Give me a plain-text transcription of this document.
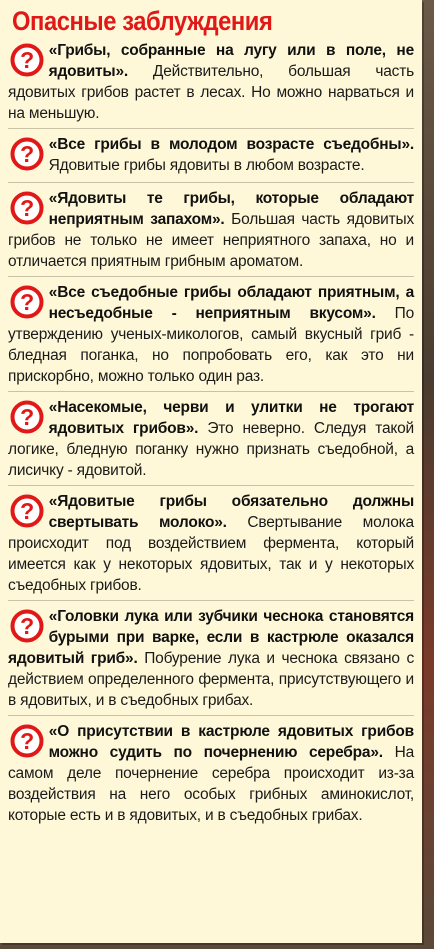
Опасные заблуждения
? «Грибы, собранные на лугу или в поле, не ядовиты». Действительно, большая часть ядовитых грибов растет в лесах. Но можно нарваться и на меньшую.
? «Все грибы в молодом возрасте съедобны». Ядовитые грибы ядовиты в любом возрасте.
? «Ядовиты те грибы, которые обладают неприятным запахом». Большая часть ядовитых грибов не только не имеет неприятного запаха, но и отличается приятным грибным ароматом.
? «Все съедобные грибы обладают приятным, а несъедобные - неприятным вкусом». По утверждению ученых-микологов, самый вкусный гриб - бледная поганка, но попробовать его, как это ни прискорбно, можно только один раз.
? «Насекомые, черви и улитки не трогают ядовитых грибов». Это неверно. Следуя такой логике, бледную поганку нужно признать съедобной, а лисичку - ядовитой.
? «Ядовитые грибы обязательно должны свертывать молоко». Свертывание молока происходит под воздействием фермента, который имеется как у некоторых ядовитых, так и у некоторых съедобных грибов.
? «Головки лука или зубчики чеснока становятся бурыми при варке, если в кастрюле оказался ядовитый гриб». Побурение лука и чеснока связано с действием определенного фермента, присутствующего и в ядовитых, и в съедобных грибах.
? «О присутствии в кастрюле ядовитых грибов можно судить по почернению серебра». На самом деле почернение серебра происходит из-за воздействия на него особых грибных аминокислот, которые есть и в ядовитых, и в съедобных грибах.
